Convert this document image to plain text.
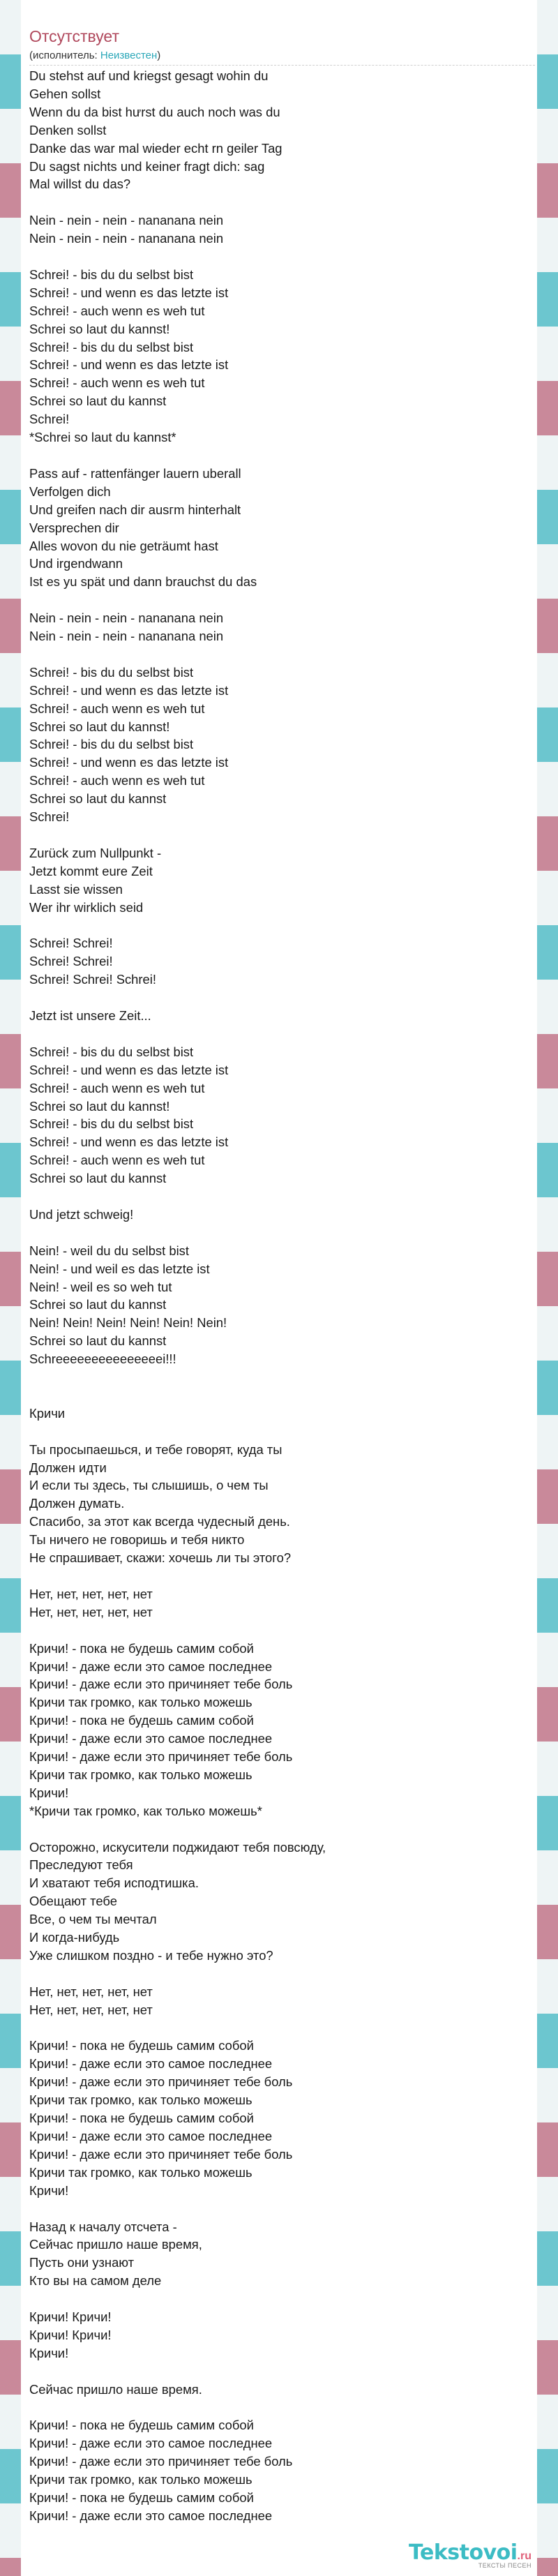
Отсутствует
(исполнитель: Неизвестен)
Du stehst auf und kriegst gesagt wohin du
Gehen sollst
Wenn du da bist hưrst du auch noch was du
Denken sollst
Danke das war mal wieder echt rn geiler Tag
Du sagst nichts und keiner fragt dich: sag
Mal willst du das?
Nein - nein - nein - nananana nein
Nein - nein - nein - nananana nein
Schrei! - bis du du selbst bist
Schrei! - und wenn es das letzte ist
Schrei! - auch wenn es weh tut
Schrei so laut du kannst!
Schrei! - bis du du selbst bist
Schrei! - und wenn es das letzte ist
Schrei! - auch wenn es weh tut
Schrei so laut du kannst
Schrei!
*Schrei so laut du kannst*
Pass auf - rattenfänger lauern uberall
Verfolgen dich
Und greifen nach dir auѕгm hinterhalt
Versprechen dir
Alles wovon du nie geträumt hast
Und irgendwann
Ist es yu spät und dann brauchst du das
Nein - nein - nein - nananana nein
Nein - nein - nein - nananana nein
Schrei! - bis du du selbst bist
Schrei! - und wenn es das letzte ist
Schrei! - auch wenn es weh tut
Schrei so laut du kannst!
Schrei! - bis du du selbst bist
Schrei! - und wenn es das letzte ist
Schrei! - auch wenn es weh tut
Schrei so laut du kannst
Schrei!
Zurück zum Nullpunkt -
Jetzt kommt eure Zeit
Lasst sie wissen
Wer ihr wirklich seid
Schrei! Schrei!
Schrei! Schrei!
Schrei! Schrei! Schrei!
Jetzt ist unsere Zeit...
Schrei! - bis du du selbst bist
Schrei! - und wenn es das letzte ist
Schrei! - auch wenn es weh tut
Schrei so laut du kannst!
Schrei! - bis du du selbst bist
Schrei! - und wenn es das letzte ist
Schrei! - auch wenn es weh tut
Schrei so laut du kannst
Und jetzt schweig!
Nein! - weil du du selbst bist
Nein! - und weil es das letzte ist
Nein! - weil es so weh tut
Schrei so laut du kannst
Nein! Nein! Nein! Nein! Nein! Nein!
Schrei so laut du kannst
Schreeeeeeeeeeeeeeei!!!
Кричи
Ты просыпаешься, и тебе говорят, куда ты
Должен идти
И если ты здесь, ты слышишь, о чем ты
Должен думать.
Спасибо, за этот как всегда чудесный день.
Ты ничего не говоришь и тебя никто
Не спрашивает, скажи: хочешь ли ты этого?
Нет, нет, нет, нет, нет
Нет, нет, нет, нет, нет
Кричи! - пока не будешь самим собой
Кричи! - даже если это самое последнее
Кричи! - даже если это причиняет тебе боль
Кричи так громко, как только можешь
Кричи! - пока не будешь самим собой
Кричи! - даже если это самое последнее
Кричи! - даже если это причиняет тебе боль
Кричи так громко, как только можешь
Кричи!
*Кричи так громко, как только можешь*
Осторожно, искусители поджидают тебя повсюду,
Преследуют тебя
И хватают тебя исподтишка.
Обещают тебе
Все, о чем ты мечтал
И когда-нибудь
Уже слишком поздно - и тебе нужно это?
Нет, нет, нет, нет, нет
Нет, нет, нет, нет, нет
Кричи! - пока не будешь самим собой
Кричи! - даже если это самое последнее
Кричи! - даже если это причиняет тебе боль
Кричи так громко, как только можешь
Кричи! - пока не будешь самим собой
Кричи! - даже если это самое последнее
Кричи! - даже если это причиняет тебе боль
Кричи так громко, как только можешь
Кричи!
Назад к началу отсчета -
Сейчас пришло наше время,
Пусть они узнают
Кто вы на самом деле
Кричи! Кричи!
Кричи! Кричи!
Кричи!
Сейчас пришло наше время.
Кричи! - пока не будешь самим собой
Кричи! - даже если это самое последнее
Кричи! - даже если это причиняет тебе боль
Кричи так громко, как только можешь
Кричи! - пока не будешь самим собой
Кричи! - даже если это самое последнее
Tekstovoi.ru
ТЕКСТЫ ПЕСЕН
